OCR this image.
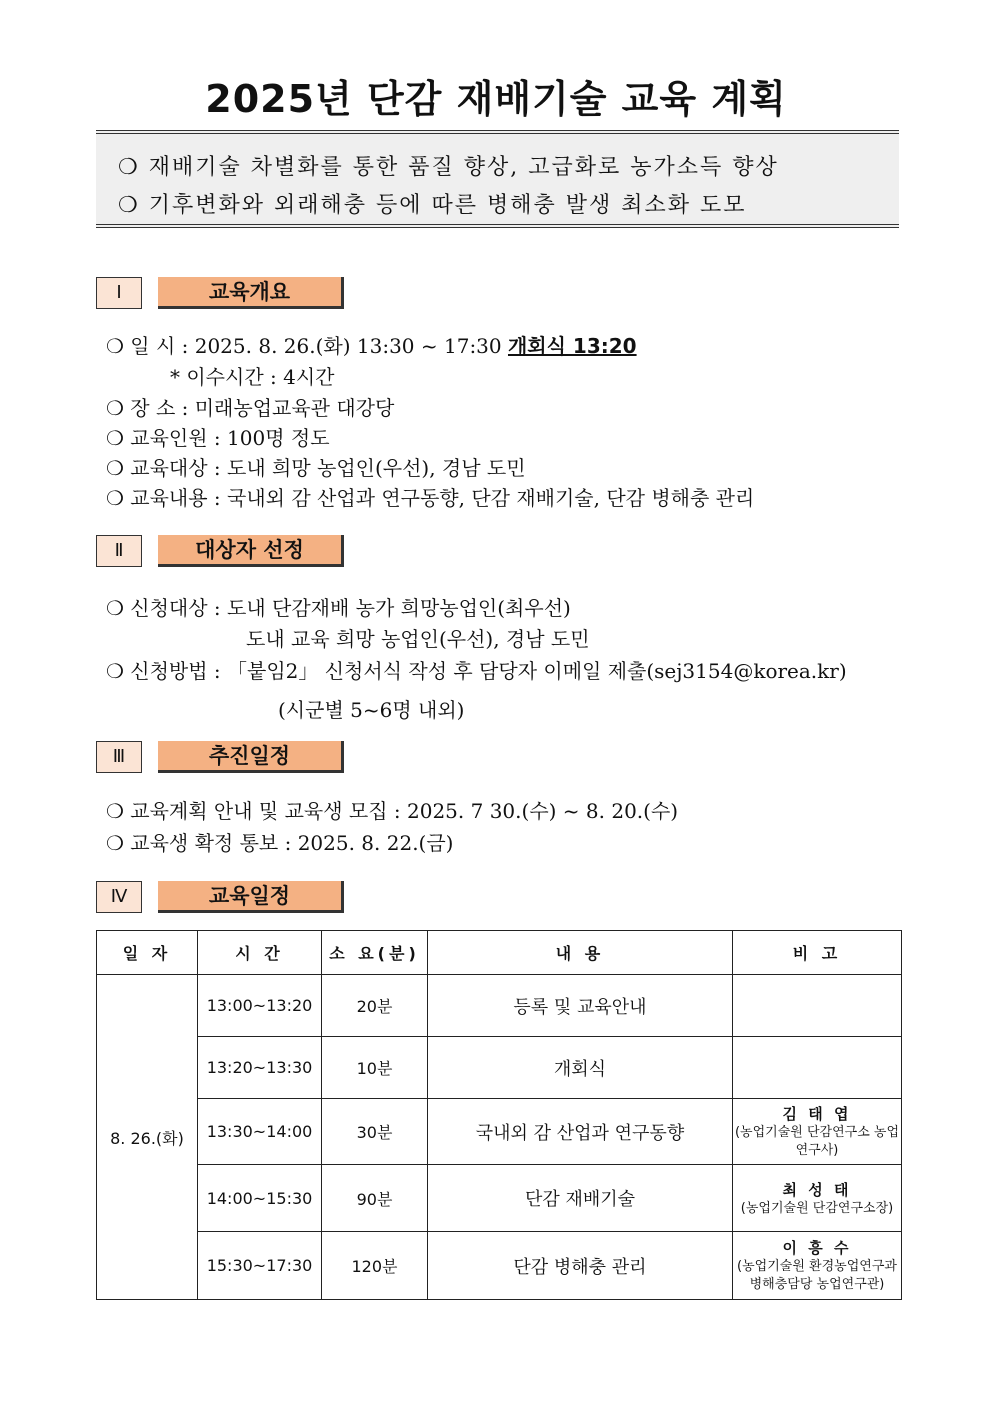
2025년 단감 재배기술 교육 계획
❍ 재배기술 차별화를 통한 품질 향상, 고급화로 농가소득 향상
❍ 기후변화와 외래해충 등에 따른 병해충 발생 최소화 도모
Ⅰ	교육개요
❍ 일 시 : 2025. 8. 26.(화) 13:30 ~ 17:30 개회식 13:20
* 이수시간 : 4시간
❍ 장 소 : 미래농업교육관 대강당
❍ 교육인원 : 100명 정도
❍ 교육대상 : 도내 희망 농업인(우선), 경남 도민
❍ 교육내용 : 국내외 감 산업과 연구동향, 단감 재배기술, 단감 병해충 관리
Ⅱ	대상자 선정
❍ 신청대상 : 도내 단감재배 농가 희망농업인(최우선)
도내 교육 희망 농업인(우선), 경남 도민
❍ 신청방법 : 「붙임2」 신청서식 작성 후 담당자 이메일 제출(sej3154@korea.kr)
(시군별 5~6명 내외)
Ⅲ	추진일정
❍ 교육계획 안내 및 교육생 모집 : 2025. 7 30.(수) ~ 8. 20.(수)
❍ 교육생 확정 통보 : 2025. 8. 22.(금)
Ⅳ	교육일정
일 자	시 간	소 요(분)	내 용	비 고
8. 26.(화)	13:00~13:20	20분	등록 및 교육안내	
	13:20~13:30	10분	개회식	
	13:30~14:00	30분	국내외 감 산업과 연구동향	김 태 엽
(농업기술원 단감연구소 농업연구사)

	14:00~15:30	90분	단감 재배기술	최 성 태
(농업기술원 단감연구소장)

	15:30~17:30	120분	단감 병해충 관리	이 흥 수
(농업기술원 환경농업연구과 병해충담당 농업연구관)
